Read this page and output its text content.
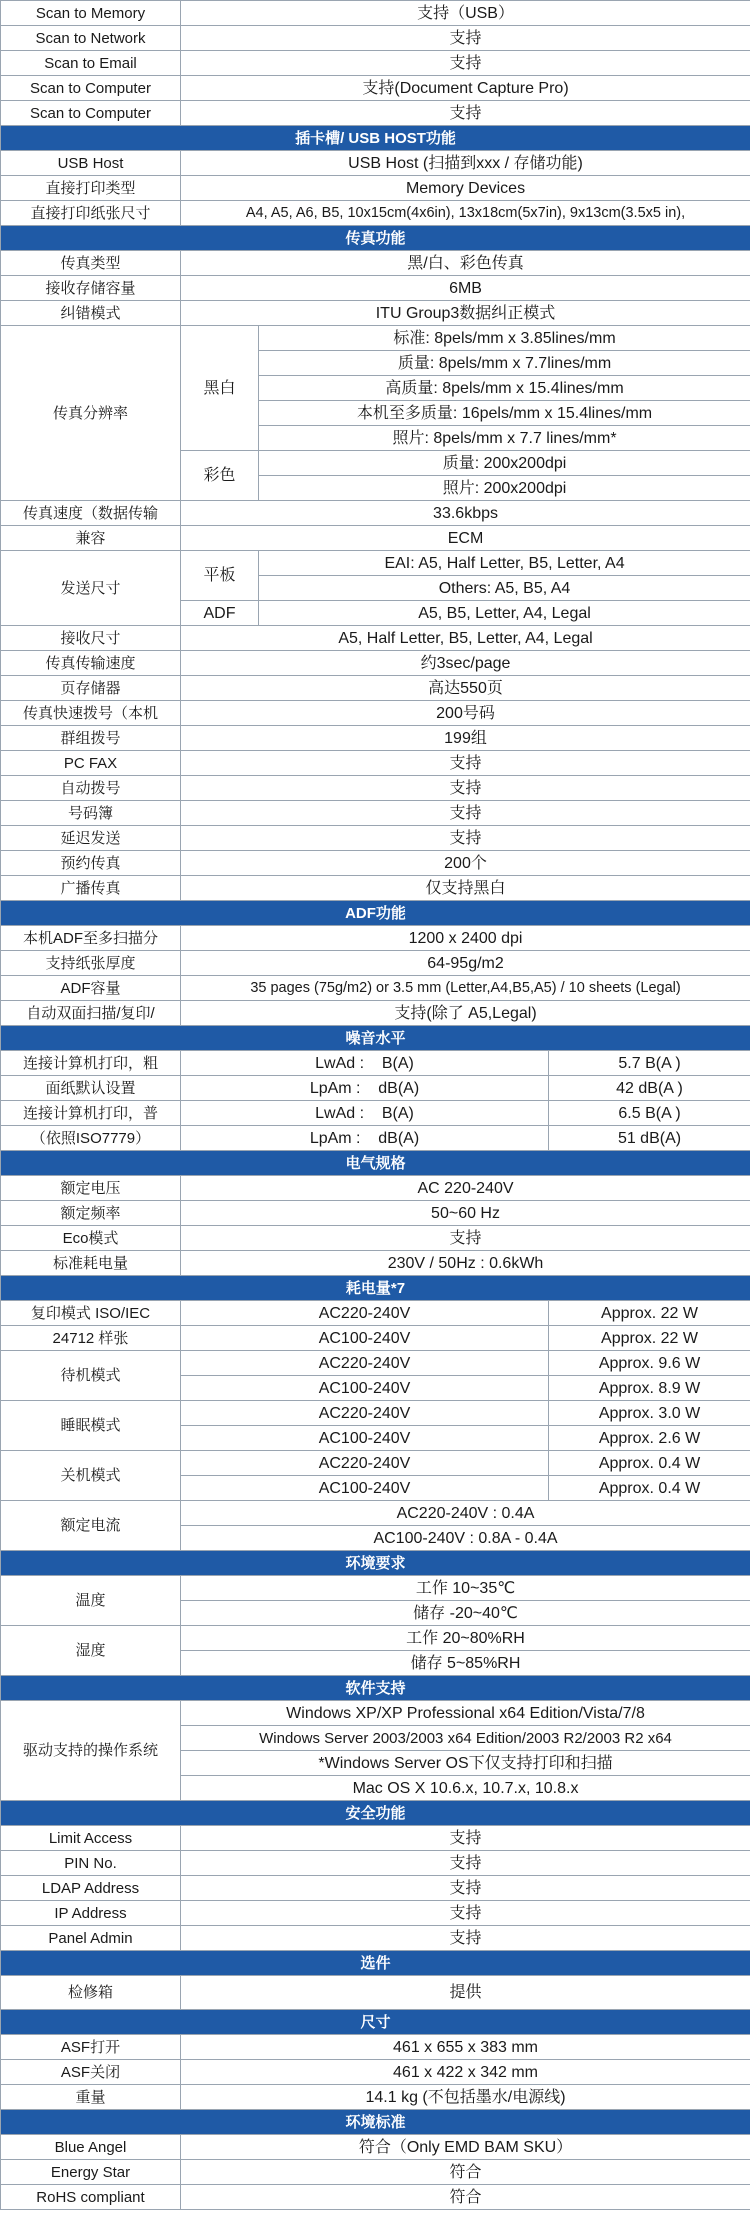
Scan to Memory	支持（USB）		
Scan to Network	支持		
Scan to Email	支持		
Scan to Computer	支持(Document Capture Pro)		
Scan to Computer	支持		
插卡槽/ USB HOST功能			
USB Host	USB Host (扫描到xxx / 存储功能)		
直接打印类型	Memory Devices		
直接打印纸张尺寸	A4, A5, A6, B5, 10x15cm(4x6in), 13x18cm(5x7in), 9x13cm(3.5x5 in),		
传真功能			
传真类型	黑/白、彩色传真		
接收存储容量	6MB		
纠错模式	ITU Group3数据纠正模式		
传真分辨率	黑白	标准: 8pels/mm x 3.85lines/mm	
		质量: 8pels/mm x 7.7lines/mm	
		高质量: 8pels/mm x 15.4lines/mm	
		本机至多质量: 16pels/mm x 15.4lines/mm	
		照片: 8pels/mm x 7.7 lines/mm*	
	彩色	质量: 200x200dpi	
		照片: 200x200dpi	
传真速度（数据传输	33.6kbps		
兼容	ECM		
发送尺寸	平板	EAI: A5, Half Letter, B5, Letter, A4	
		Others: A5, B5, A4	
	ADF	A5, B5, Letter, A4, Legal	
接收尺寸	A5, Half Letter, B5, Letter, A4, Legal		
传真传输速度	约3sec/page		
页存储器	高达550页		
传真快速拨号（本机	200号码		
群组拨号	199组		
PC FAX	支持		
自动拨号	支持		
号码簿	支持		
延迟发送	支持		
预约传真	200个		
广播传真	仅支持黑白		
ADF功能			
本机ADF至多扫描分	1200 x 2400 dpi		
支持纸张厚度	64-95g/m2		
ADF容量	35 pages (75g/m2) or 3.5 mm (Letter,A4,B5,A5) / 10 sheets (Legal)		
自动双面扫描/复印/	支持(除了 A5,Legal)		
噪音水平			
连接计算机打印，粗	LwAd : B(A)		5.7 B(A )
面纸默认设置	LpAm : dB(A)		42 dB(A )
连接计算机打印，普	LwAd : B(A)		6.5 B(A )
（依照ISO7779）	LpAm : dB(A)		51 dB(A)
电气规格			
额定电压	AC 220-240V		
额定频率	50~60 Hz		
Eco模式	支持		
标准耗电量	230V / 50Hz : 0.6kWh		
耗电量*7			
复印模式 ISO/IEC	AC220-240V		Approx. 22 W
24712 样张	AC100-240V		Approx. 22 W
待机模式	AC220-240V		Approx. 9.6 W
	AC100-240V		Approx. 8.9 W
睡眠模式	AC220-240V		Approx. 3.0 W
	AC100-240V		Approx. 2.6 W
关机模式	AC220-240V		Approx. 0.4 W
	AC100-240V		Approx. 0.4 W
额定电流	AC220-240V : 0.4A		
	AC100-240V : 0.8A - 0.4A		
环境要求			
温度	工作 10~35℃		
	储存 -20~40℃		
湿度	工作 20~80%RH		
	储存 5~85%RH		
软件支持			
驱动支持的操作系统	Windows XP/XP Professional x64 Edition/Vista/7/8		
	Windows Server 2003/2003 x64 Edition/2003 R2/2003 R2 x64		
	*Windows Server OS下仅支持打印和扫描		
	Mac OS X 10.6.x, 10.7.x, 10.8.x		
安全功能			
Limit Access	支持		
PIN No.	支持		
LDAP Address	支持		
IP Address	支持		
Panel Admin	支持		
选件			
检修箱	提供		
尺寸			
ASF打开	461 x 655 x 383 mm		
ASF关闭	461 x 422 x 342 mm		
重量	14.1 kg (不包括墨水/电源线)		
环境标准			
Blue Angel	符合（Only EMD BAM SKU）		
Energy Star	符合		
RoHS compliant	符合		
